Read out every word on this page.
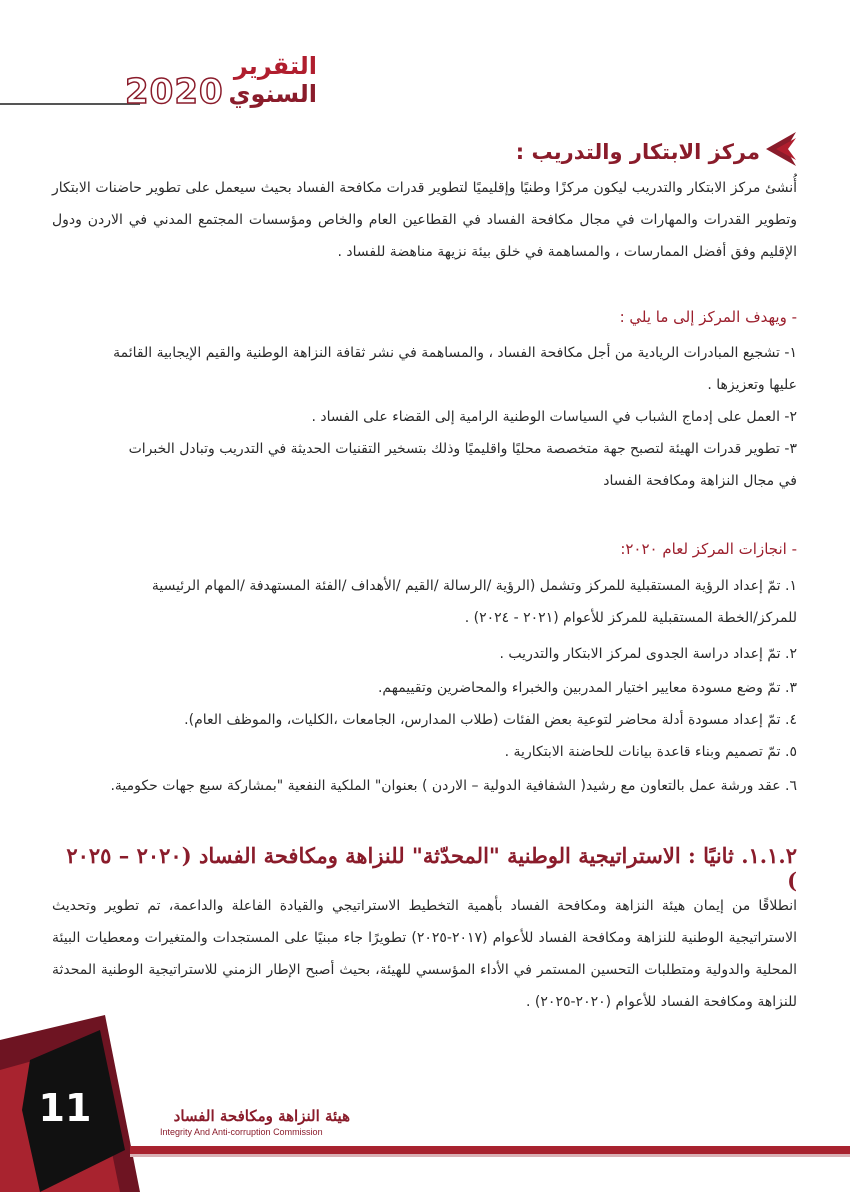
2020
التقرير
السنوي
مركز الابتكار والتدريب :
أُنشئ مركز الابتكار والتدريب ليكون مركزًا وطنيًا وإقليميًا لتطوير قدرات مكافحة الفساد بحيث سيعمل على تطوير حاضنات الابتكار وتطوير القدرات والمهارات في مجال مكافحة الفساد في القطاعين العام والخاص ومؤسسات المجتمع المدني في الاردن ودول الإقليم وفق أفضل الممارسات ، والمساهمة في خلق بيئة نزيهة مناهضة للفساد .
- ويهدف المركز إلى ما يلي :
١- تشجيع المبادرات الريادية من أجل مكافحة الفساد ، والمساهمة في نشر ثقافة النزاهة الوطنية والقيم الإيجابية القائمة
عليها وتعزيزها .
٢- العمل على إدماج الشباب في السياسات الوطنية الرامية إلى القضاء على الفساد .
٣- تطوير قدرات الهيئة لتصبح جهة متخصصة محليًا واقليميًا وذلك بتسخير التقنيات الحديثة في التدريب وتبادل الخبرات
في مجال النزاهة ومكافحة الفساد
- انجازات المركز لعام ٢٠٢٠:
١. تمّ إعداد الرؤية المستقبلية للمركز وتشمل (الرؤية /الرسالة /القيم /الأهداف /الفئة المستهدفة /المهام الرئيسية
للمركز/الخطة المستقبلية للمركز للأعوام (٢٠٢١ - ٢٠٢٤) .
٢. تمّ إعداد دراسة الجدوى لمركز الابتكار والتدريب .
٣. تمّ وضع مسودة معايير اختيار المدربين والخبراء والمحاضرين وتقييمهم.
٤. تمّ إعداد مسودة أدلة محاضر لتوعية بعض الفئات (طلاب المدارس، الجامعات ،الكليات، والموظف العام).
٥. تمّ تصميم وبناء قاعدة بيانات للحاضنة الابتكارية .
٦. عقد ورشة عمل بالتعاون مع رشيد( الشفافية الدولية – الاردن ) بعنوان" الملكية النفعية "بمشاركة سبع جهات حكومية.
١.١.٢. ثانيًا : الاستراتيجية الوطنية "المحدّثة" للنزاهة ومكافحة الفساد (٢٠٢٠ – ٢٠٢٥ )
انطلاقًا من إيمان هيئة النزاهة ومكافحة الفساد بأهمية التخطيط الاستراتيجي والقيادة الفاعلة والداعمة، تم تطوير وتحديث الاستراتيجية الوطنية للنزاهة ومكافحة الفساد للأعوام (٢٠١٧-٢٠٢٥) تطويرًا جاء مبنيًا على المستجدات والمتغيرات ومعطيات البيئة المحلية والدولية ومتطلبات التحسين المستمر في الأداء المؤسسي للهيئة، بحيث أصبح الإطار الزمني للاستراتيجية الوطنية المحدثة للنزاهة ومكافحة الفساد للأعوام (٢٠٢٠-٢٠٢٥) .
11	هيئة النزاهة ومكافحة الفساد
Integrity And Anti-corruption Commission
